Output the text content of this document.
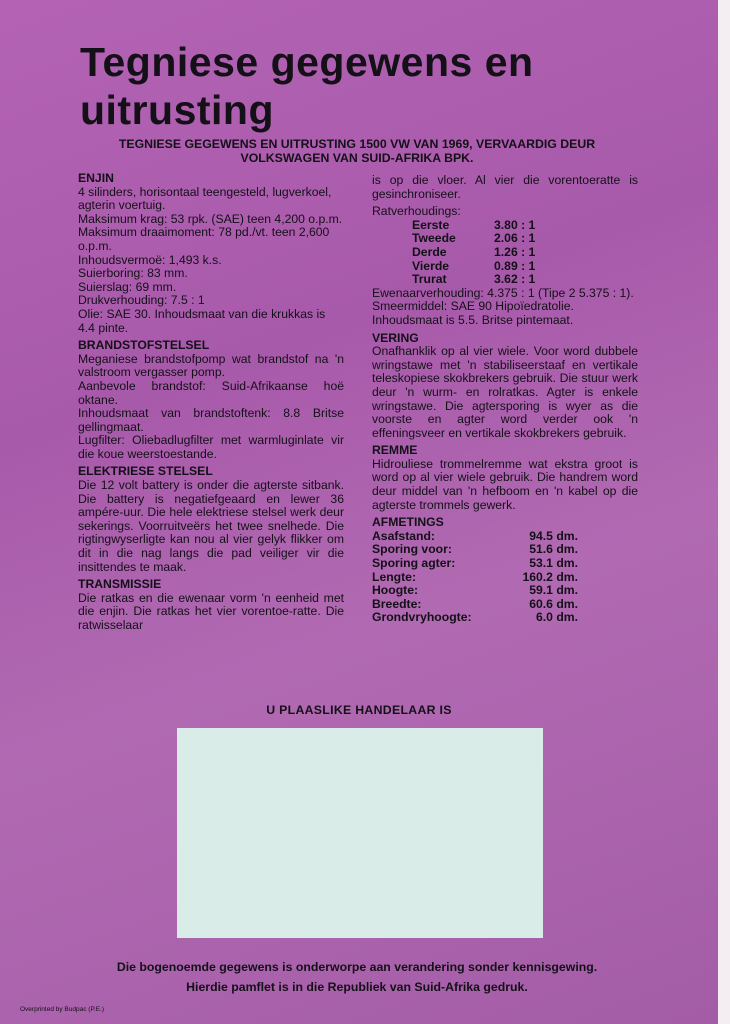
Tegniese gegewens en uitrusting

TEGNIESE GEGEWENS EN UITRUSTING 1500 VW VAN 1969, VERVAARDIG DEUR VOLKSWAGEN VAN SUID-AFRIKA BPK.

ENJIN

4 silinders, horisontaal teengesteld, lugverkoel, agterin voertuig.

Maksimum krag: 53 rpk. (SAE) teen 4,200 o.p.m.

Maksimum draaimoment: 78 pd./vt. teen 2,600 o.p.m.

Inhoudsvermoë: 1,493 k.s.

Suierboring: 83 mm.

Suierslag: 69 mm.

Drukverhouding: 7.5 : 1

Olie: SAE 30. Inhoudsmaat van die krukkas is 4.4 pinte.

BRANDSTOFSTELSEL

Meganiese brandstofpomp wat brandstof na 'n valstroom vergasser pomp.

Aanbevole brandstof: Suid-Afrikaanse hoë oktane.

Inhoudsmaat van brandstoftenk: 8.8 Britse gellingmaat.

Lugfilter: Oliebadlugfilter met warmluginlate vir die koue weerstoestande.

ELEKTRIESE STELSEL

Die 12 volt battery is onder die agterste sitbank. Die battery is negatiefgeaard en lewer 36 ampére-uur. Die hele elektriese stelsel werk deur sekerings. Voorruitveërs het twee snelhede. Die rigtingwyserligte kan nou al vier gelyk flikker om dit in die nag langs die pad veiliger vir die insittendes te maak.

TRANSMISSIE

Die ratkas en die ewenaar vorm 'n eenheid met die enjin. Die ratkas het vier vorentoe-ratte. Die ratwisselaar

is op die vloer. Al vier die vorentoeratte is gesinchroniseer.

Ratverhoudings:

Eerste	3.80 : 1
Tweede	2.06 : 1
Derde	1.26 : 1
Vierde	0.89 : 1
Trurat	3.62 : 1

Ewenaarverhouding: 4.375 : 1 (Tipe 2 5.375 : 1).

Smeermiddel: SAE 90 Hipoïedratolie.

Inhoudsmaat is 5.5. Britse pintemaat.

VERING

Onafhanklik op al vier wiele. Voor word dubbele wringstawe met 'n stabiliseerstaaf en vertikale teleskopiese skokbrekers gebruik. Die stuur werk deur 'n wurm- en rolratkas. Agter is enkele wringstawe. Die agtersporing is wyer as die voorste en agter word verder ook 'n effeningsveer en vertikale skokbrekers gebruik.

REMME

Hidrouliese trommelremme wat ekstra groot is word op al vier wiele gebruik. Die handrem word deur middel van 'n hefboom en 'n kabel op die agterste trommels gewerk.

AFMETINGS

Asafstand:	94.5 dm.
Sporing voor:	51.6 dm.
Sporing agter:	53.1 dm.
Lengte:	160.2 dm.
Hoogte:	59.1 dm.
Breedte:	60.6 dm.
Grondvryhoogte:	6.0 dm.

U PLAASLIKE HANDELAAR IS

Die bogenoemde gegewens is onderworpe aan verandering sonder kennisgewing.

Hierdie pamflet is in die Republiek van Suid-Afrika gedruk.

Overprinted by Budpac (P.E.)
